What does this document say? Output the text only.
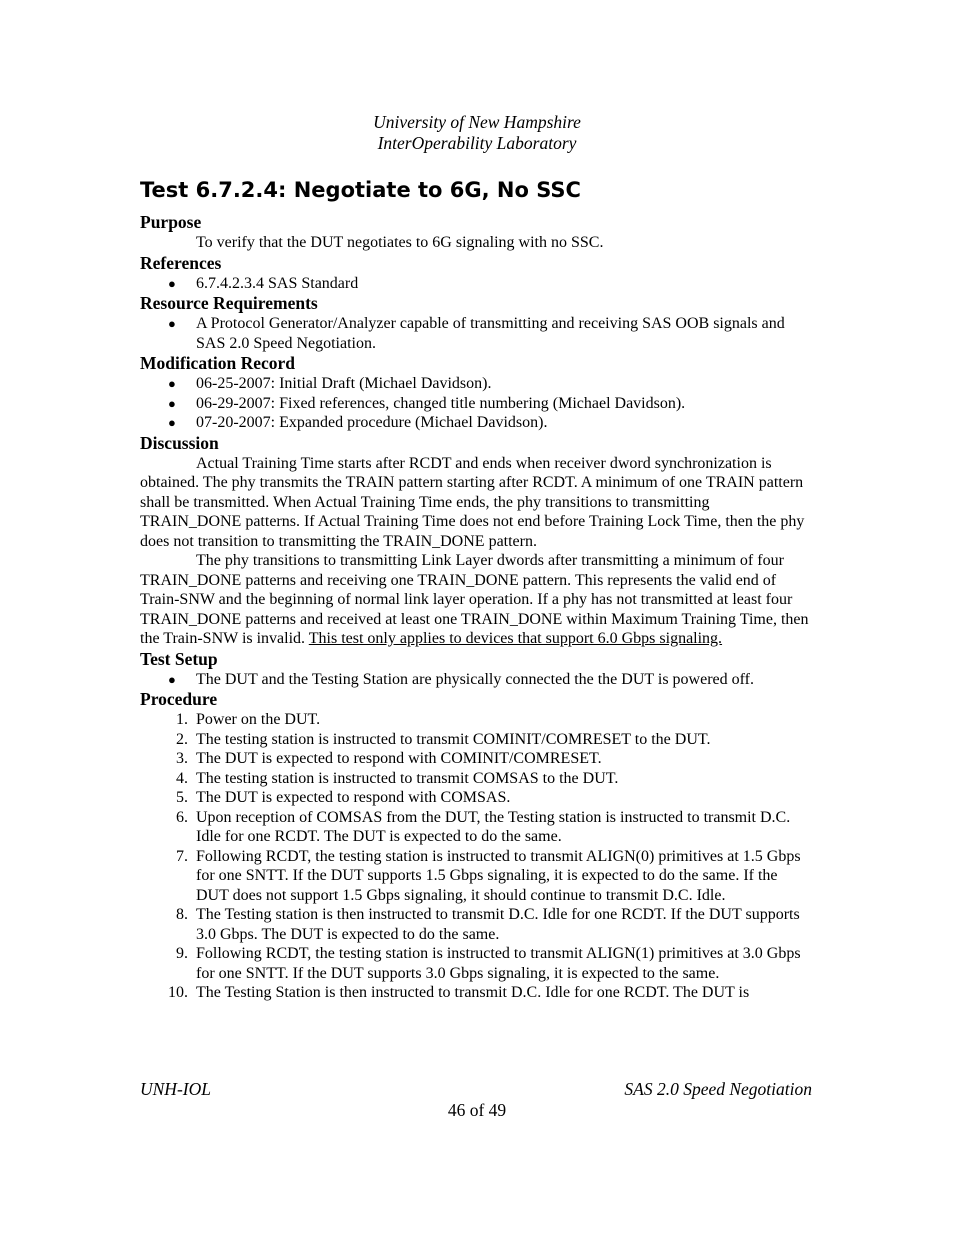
University of New Hampshire
InterOperability Laboratory
Test 6.7.2.4: Negotiate to 6G, No SSC
Purpose
To verify that the DUT negotiates to 6G signaling with no SSC.
References
● 6.7.4.2.3.4 SAS Standard
Resource Requirements
● A Protocol Generator/Analyzer capable of transmitting and receiving SAS OOB signals and SAS 2.0 Speed Negotiation.
Modification Record
● 06-25-2007: Initial Draft (Michael Davidson).
● 06-29-2007: Fixed references, changed title numbering (Michael Davidson).
● 07-20-2007: Expanded procedure (Michael Davidson).
Discussion
Actual Training Time starts after RCDT and ends when receiver dword synchronization is obtained. The phy transmits the TRAIN pattern starting after RCDT. A minimum of one TRAIN pattern shall be transmitted. When Actual Training Time ends, the phy transitions to transmitting TRAIN_DONE patterns. If Actual Training Time does not end before Training Lock Time, then the phy does not transition to transmitting the TRAIN_DONE pattern.
The phy transitions to transmitting Link Layer dwords after transmitting a minimum of four TRAIN_DONE patterns and receiving one TRAIN_DONE pattern. This represents the valid end of Train-SNW and the beginning of normal link layer operation. If a phy has not transmitted at least four TRAIN_DONE patterns and received at least one TRAIN_DONE within Maximum Training Time, then the Train-SNW is invalid. This test only applies to devices that support 6.0 Gbps signaling.
Test Setup
● The DUT and the Testing Station are physically connected the the DUT is powered off.
Procedure
1. Power on the DUT.
2. The testing station is instructed to transmit COMINIT/COMRESET to the DUT.
3. The DUT is expected to respond with COMINIT/COMRESET.
4. The testing station is instructed to transmit COMSAS to the DUT.
5. The DUT is expected to respond with COMSAS.
6. Upon reception of COMSAS from the DUT, the Testing station is instructed to transmit D.C. Idle for one RCDT. The DUT is expected to do the same.
7. Following RCDT, the testing station is instructed to transmit ALIGN(0) primitives at 1.5 Gbps for one SNTT. If the DUT supports 1.5 Gbps signaling, it is expected to do the same. If the DUT does not support 1.5 Gbps signaling, it should continue to transmit D.C. Idle.
8. The Testing station is then instructed to transmit D.C. Idle for one RCDT. If the DUT supports 3.0 Gbps. The DUT is expected to do the same.
9. Following RCDT, the testing station is instructed to transmit ALIGN(1) primitives at 3.0 Gbps for one SNTT. If the DUT supports 3.0 Gbps signaling, it is expected to the same.
10. The Testing Station is then instructed to transmit D.C. Idle for one RCDT. The DUT is
UNH-IOL	SAS 2.0 Speed Negotiation
46 of 49
